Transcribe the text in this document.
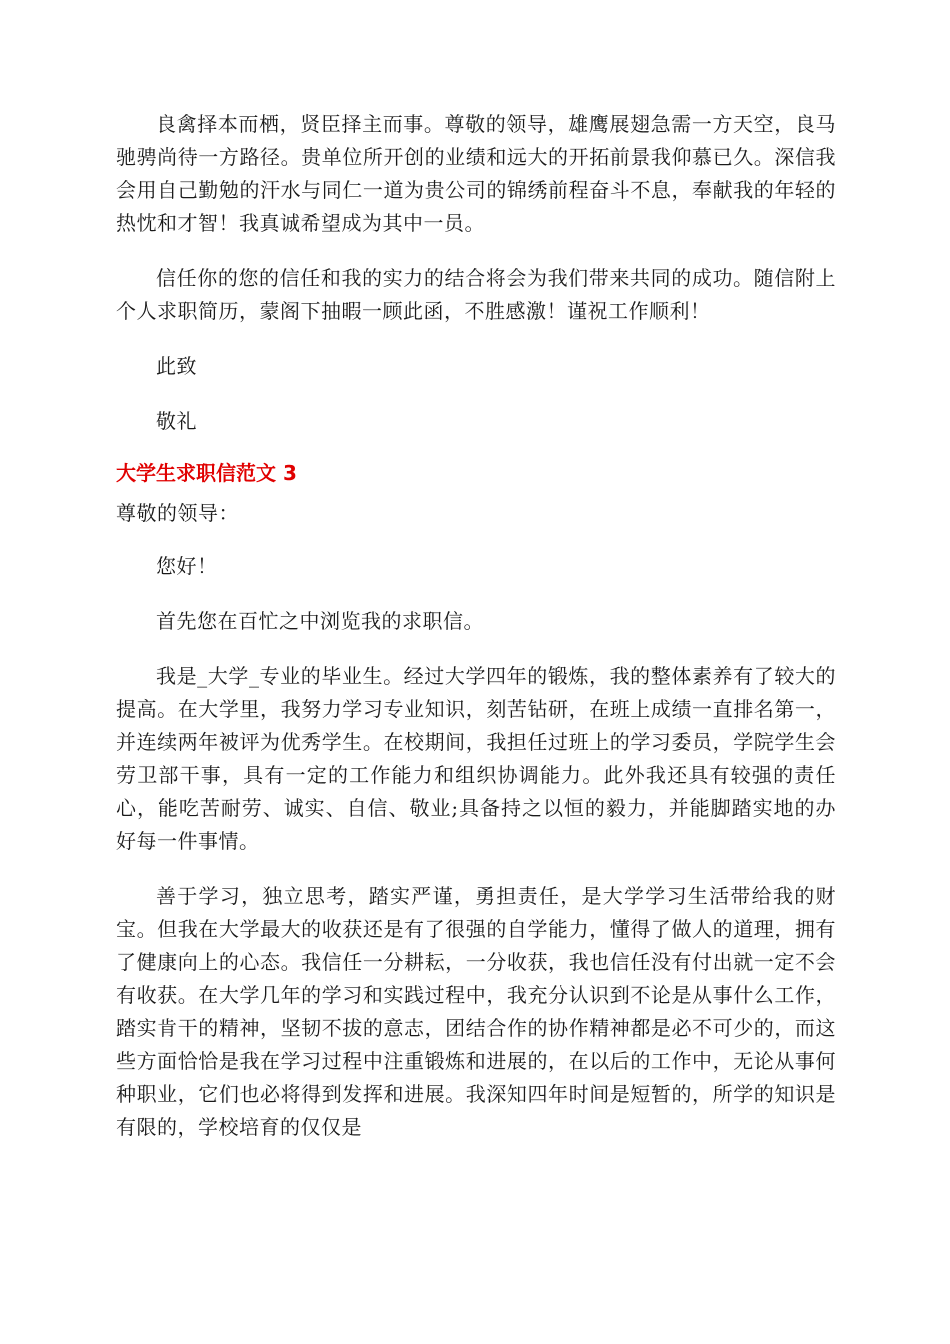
良禽择本而栖，贤臣择主而事。尊敬的领导，雄鹰展翅急需一方天空，良马驰骋尚待一方路径。贵单位所开创的业绩和远大的开拓前景我仰慕已久。深信我会用自己勤勉的汗水与同仁一道为贵公司的锦绣前程奋斗不息，奉献我的年轻的热忱和才智！我真诚希望成为其中一员。

信任你的您的信任和我的实力的结合将会为我们带来共同的成功。随信附上个人求职简历，蒙阁下抽暇一顾此函，不胜感激！谨祝工作顺利！

此致

敬礼

大学生求职信范文 3

尊敬的领导：

您好！

首先您在百忙之中浏览我的求职信。

我是_大学_专业的毕业生。经过大学四年的锻炼，我的整体素养有了较大的提高。在大学里，我努力学习专业知识，刻苦钻研，在班上成绩一直排名第一，并连续两年被评为优秀学生。在校期间，我担任过班上的学习委员，学院学生会劳卫部干事，具有一定的工作能力和组织协调能力。此外我还具有较强的责任心，能吃苦耐劳、诚实、自信、敬业;具备持之以恒的毅力，并能脚踏实地的办好每一件事情。

善于学习，独立思考，踏实严谨，勇担责任，是大学学习生活带给我的财宝。但我在大学最大的收获还是有了很强的自学能力，懂得了做人的道理，拥有了健康向上的心态。我信任一分耕耘，一分收获，我也信任没有付出就一定不会有收获。在大学几年的学习和实践过程中，我充分认识到不论是从事什么工作，踏实肯干的精神，坚韧不拔的意志，团结合作的协作精神都是必不可少的，而这些方面恰恰是我在学习过程中注重锻炼和进展的，在以后的工作中，无论从事何种职业，它们也必将得到发挥和进展。我深知四年时间是短暂的，所学的知识是有限的，学校培育的仅仅是
